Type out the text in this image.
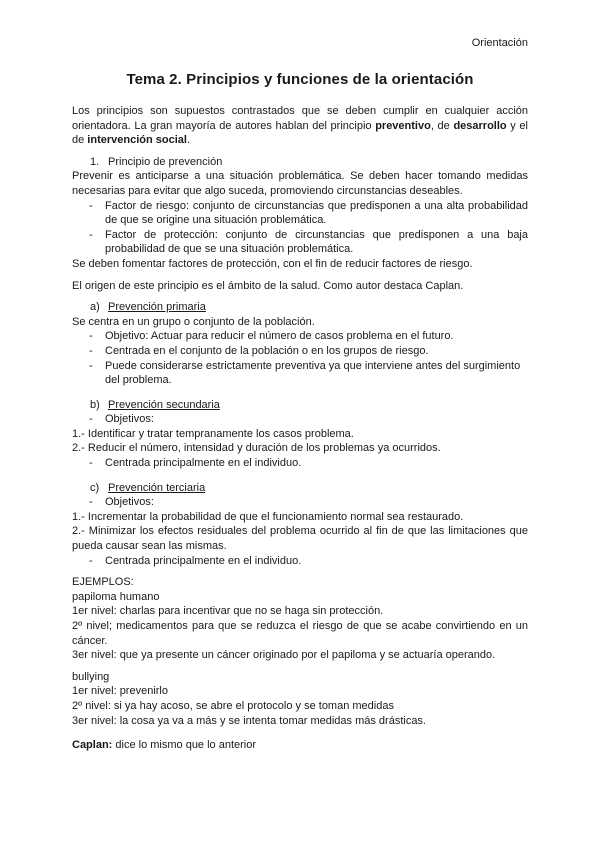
Orientación
Tema 2. Principios y funciones de la orientación

Los principios son supuestos contrastados que se deben cumplir en cualquier acción orientadora. La gran mayoría de autores hablan del principio preventivo, de desarrollo y el de intervención social.

1. Principio de prevención

Prevenir es anticiparse a una situación problemática. Se deben hacer tomando medidas necesarias para evitar que algo suceda, promoviendo circunstancias deseables.

- Factor de riesgo: conjunto de circunstancias que predisponen a una alta probabilidad de que se origine una situación problemática.

- Factor de protección: conjunto de circunstancias que predisponen a una baja probabilidad de que se una situación problemática.

Se deben fomentar factores de protección, con el fin de reducir factores de riesgo.

El origen de este principio es el ámbito de la salud. Como autor destaca Caplan.

a) Prevención primaria

Se centra en un grupo o conjunto de la población.

- Objetivo: Actuar para reducir el número de casos problema en el futuro.

- Centrada en el conjunto de la población o en los grupos de riesgo.

- Puede considerarse estrictamente preventiva ya que interviene antes del surgimiento del problema.

b) Prevención secundaria

- Objetivos:

1.- Identificar y tratar tempranamente los casos problema.

2.- Reducir el número, intensidad y duración de los problemas ya ocurridos.

- Centrada principalmente en el individuo.

c) Prevención terciaria

- Objetivos:

1.- Incrementar la probabilidad de que el funcionamiento normal sea restaurado.

2.- Minimizar los efectos residuales del problema ocurrido al fin de que las limitaciones que pueda causar sean las mismas.

- Centrada principalmente en el individuo.

EJEMPLOS:

papiloma humano

1er nivel: charlas para incentivar que no se haga sin protección.

2º nivel; medicamentos para que se reduzca el riesgo de que se acabe convirtiendo en un cáncer.

3er nivel: que ya presente un cáncer originado por el papiloma y se actuaría operando.

bullying

1er nivel: prevenirlo

2º nivel: si ya hay acoso, se abre el protocolo y se toman medidas

3er nivel: la cosa ya va a más y se intenta tomar medidas más drásticas.

Caplan: dice lo mismo que lo anterior
